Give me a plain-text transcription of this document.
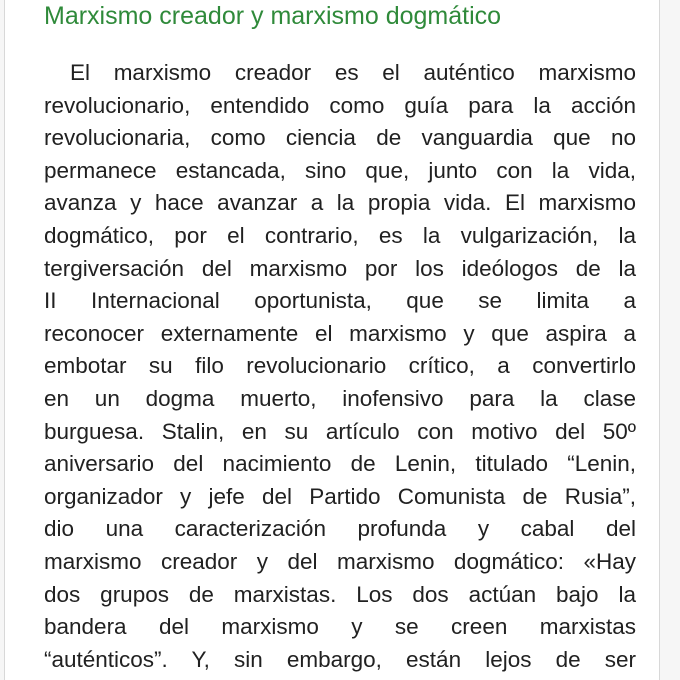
Marxismo creador y marxismo dogmático
El marxismo creador es el auténtico marxismo
revolucionario, entendido como guía para la acción
revolucionaria, como ciencia de vanguardia que no
permanece estancada, sino que, junto con la vida,
avanza y hace avanzar a la propia vida. El marxismo
dogmático, por el contrario, es la vulgarización, la
tergiversación del marxismo por los ideólogos de la
II Internacional oportunista, que se limita a
reconocer externamente el marxismo y que aspira a
embotar su filo revolucionario crítico, a convertirlo
en un dogma muerto, inofensivo para la clase
burguesa. Stalin, en su artículo con motivo del 50º
aniversario del nacimiento de Lenin, titulado “Lenin,
organizador y jefe del Partido Comunista de Rusia”,
dio una caracterización profunda y cabal del
marxismo creador y del marxismo dogmático: «Hay
dos grupos de marxistas. Los dos actúan bajo la
bandera del marxismo y se creen marxistas
“auténticos”. Y, sin embargo, están lejos de ser
